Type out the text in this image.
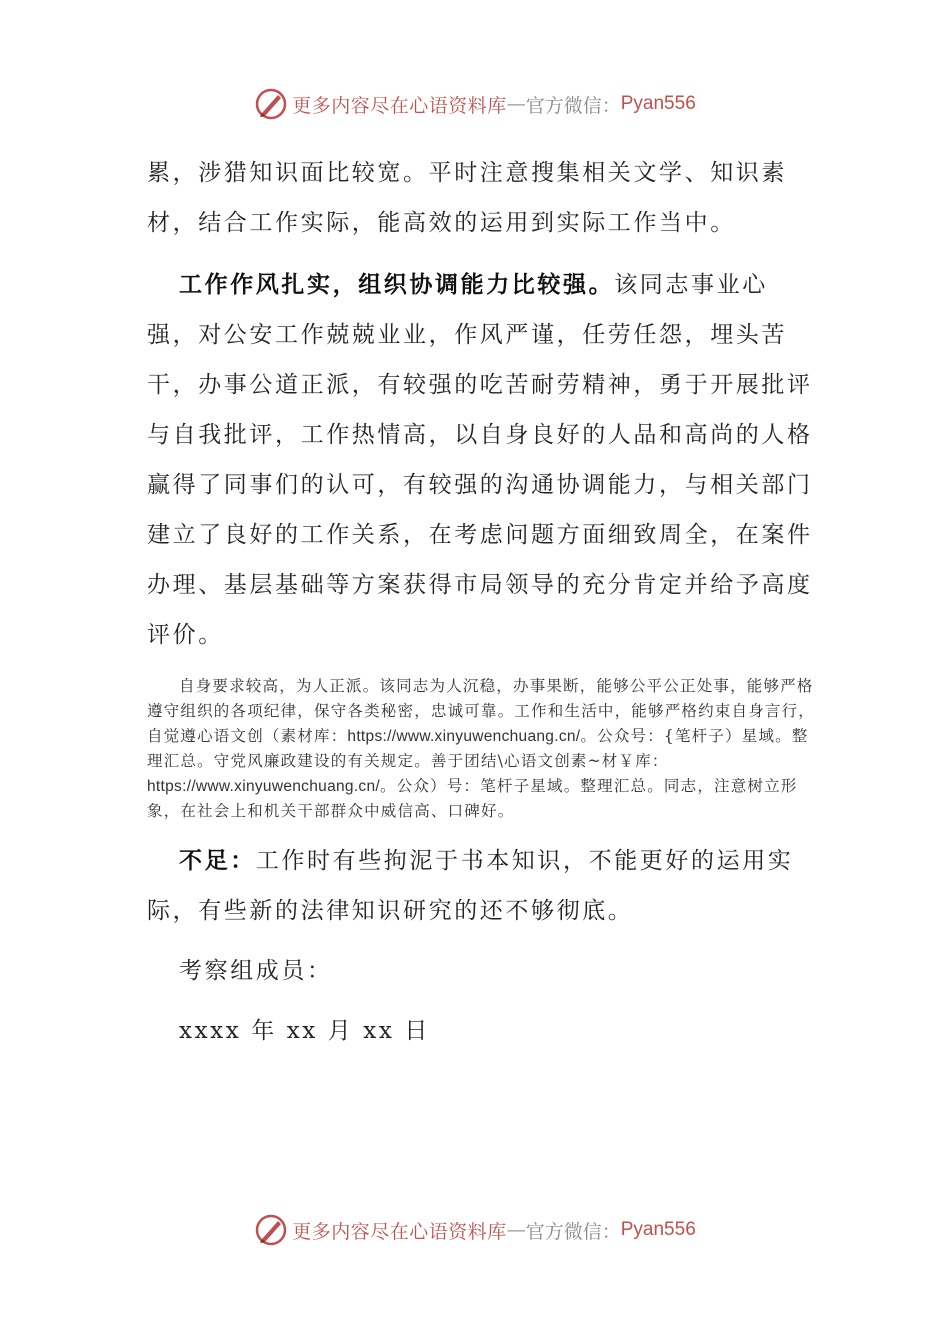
更多内容尽在心语资料库 — 官方微信： Pyan556

累，涉猎知识面比较宽。平时注意搜集相关文学、知识素材，结合工作实际，能高效的运用到实际工作当中。

工作作风扎实，组织协调能力比较强。该同志事业心强，对公安工作兢兢业业，作风严谨，任劳任怨，埋头苦干，办事公道正派，有较强的吃苦耐劳精神，勇于开展批评与自我批评，工作热情高，以自身良好的人品和高尚的人格赢得了同事们的认可，有较强的沟通协调能力，与相关部门建立了良好的工作关系，在考虑问题方面细致周全，在案件办理、基层基础等方案获得市局领导的充分肯定并给予高度评价。

自身要求较高，为人正派。该同志为人沉稳，办事果断，能够公平公正处事，能够严格遵守组织的各项纪律，保守各类秘密，忠诚可靠。工作和生活中，能够严格约束自身言行，自觉遵心语文创（素材库：https://www.xinyuwenchuang.cn/。公众号：{笔杆子）星域。整理汇总。守党风廉政建设的有关规定。善于团结\心语文创素~材￥库：https://www.xinyuwenchuang.cn/。公众）号：笔杆子星域。整理汇总。同志，注意树立形象，在社会上和机关干部群众中威信高、口碑好。

不足：工作时有些拘泥于书本知识，不能更好的运用实际，有些新的法律知识研究的还不够彻底。

考察组成员：

xxxx 年 xx 月 xx 日

更多内容尽在心语资料库 — 官方微信： Pyan556
